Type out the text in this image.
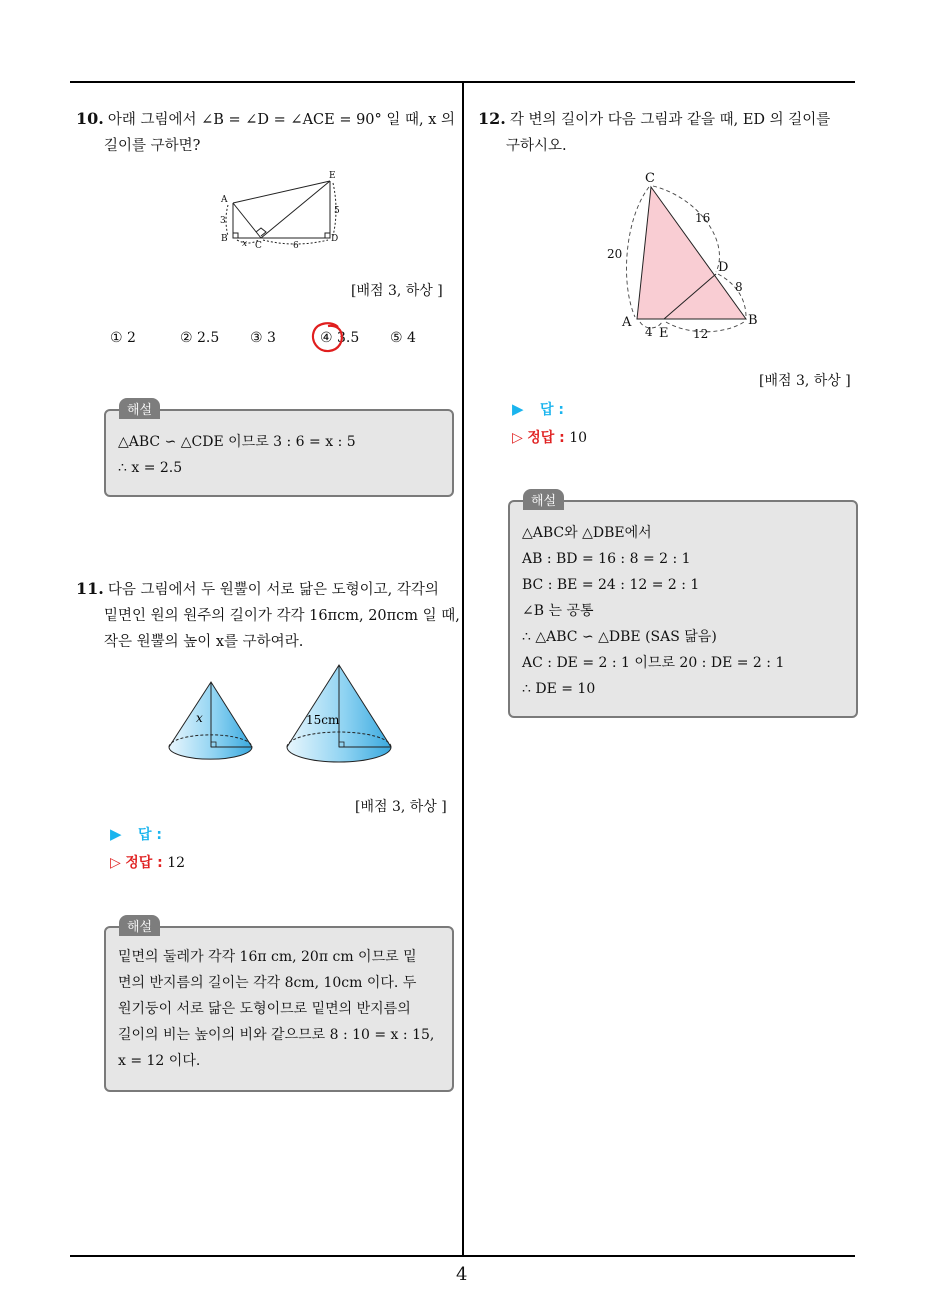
4
10. 아래 그림에서 ∠B = ∠D = ∠ACE = 90° 일 때, x 의
길이를 구하면?
A
B
C
D
E
3
x	6
5
[배점 3, 하상 ]
① 2	② 2.5 ③ 3	④ 3.5 ⑤ 4
△ABC ∽ △CDE 이므로 3 : 6 = x : 5
∴ x = 2.5
해설
11. 다음 그림에서 두 원뿔이 서로 닮은 도형이고, 각각의
밑면인 원의 원주의 길이가 각각 16πcm, 20πcm 일 때,
작은 원뿔의 높이 x를 구하여라.
x	15cm
[배점 3, 하상 ]
▶ 답 :
▷ 정답 : 12
밑면의 둘레가 각각 16π cm, 20π cm 이므로 밑
면의 반지름의 길이는 각각 8cm, 10cm 이다. 두
원기둥이 서로 닮은 도형이므로 밑면의 반지름의
길이의 비는 높이의 비와 같으므로 8 : 10 = x : 15,
x = 12 이다.
해설
12. 각 변의 길이가 다음 그림과 같을 때, ED 의 길이를
구하시오.
C
D
A
E
B
16
8
20
4	12
[배점 3, 하상 ]
▶ 답 :
▷ 정답 : 10
△ABC와 △DBE에서
AB : BD = 16 : 8 = 2 : 1
BC : BE = 24 : 12 = 2 : 1
∠B 는 공통
∴ △ABC ∽ △DBE (SAS 닮음)
AC : DE = 2 : 1 이므로 20 : DE = 2 : 1
∴ DE = 10
해설
